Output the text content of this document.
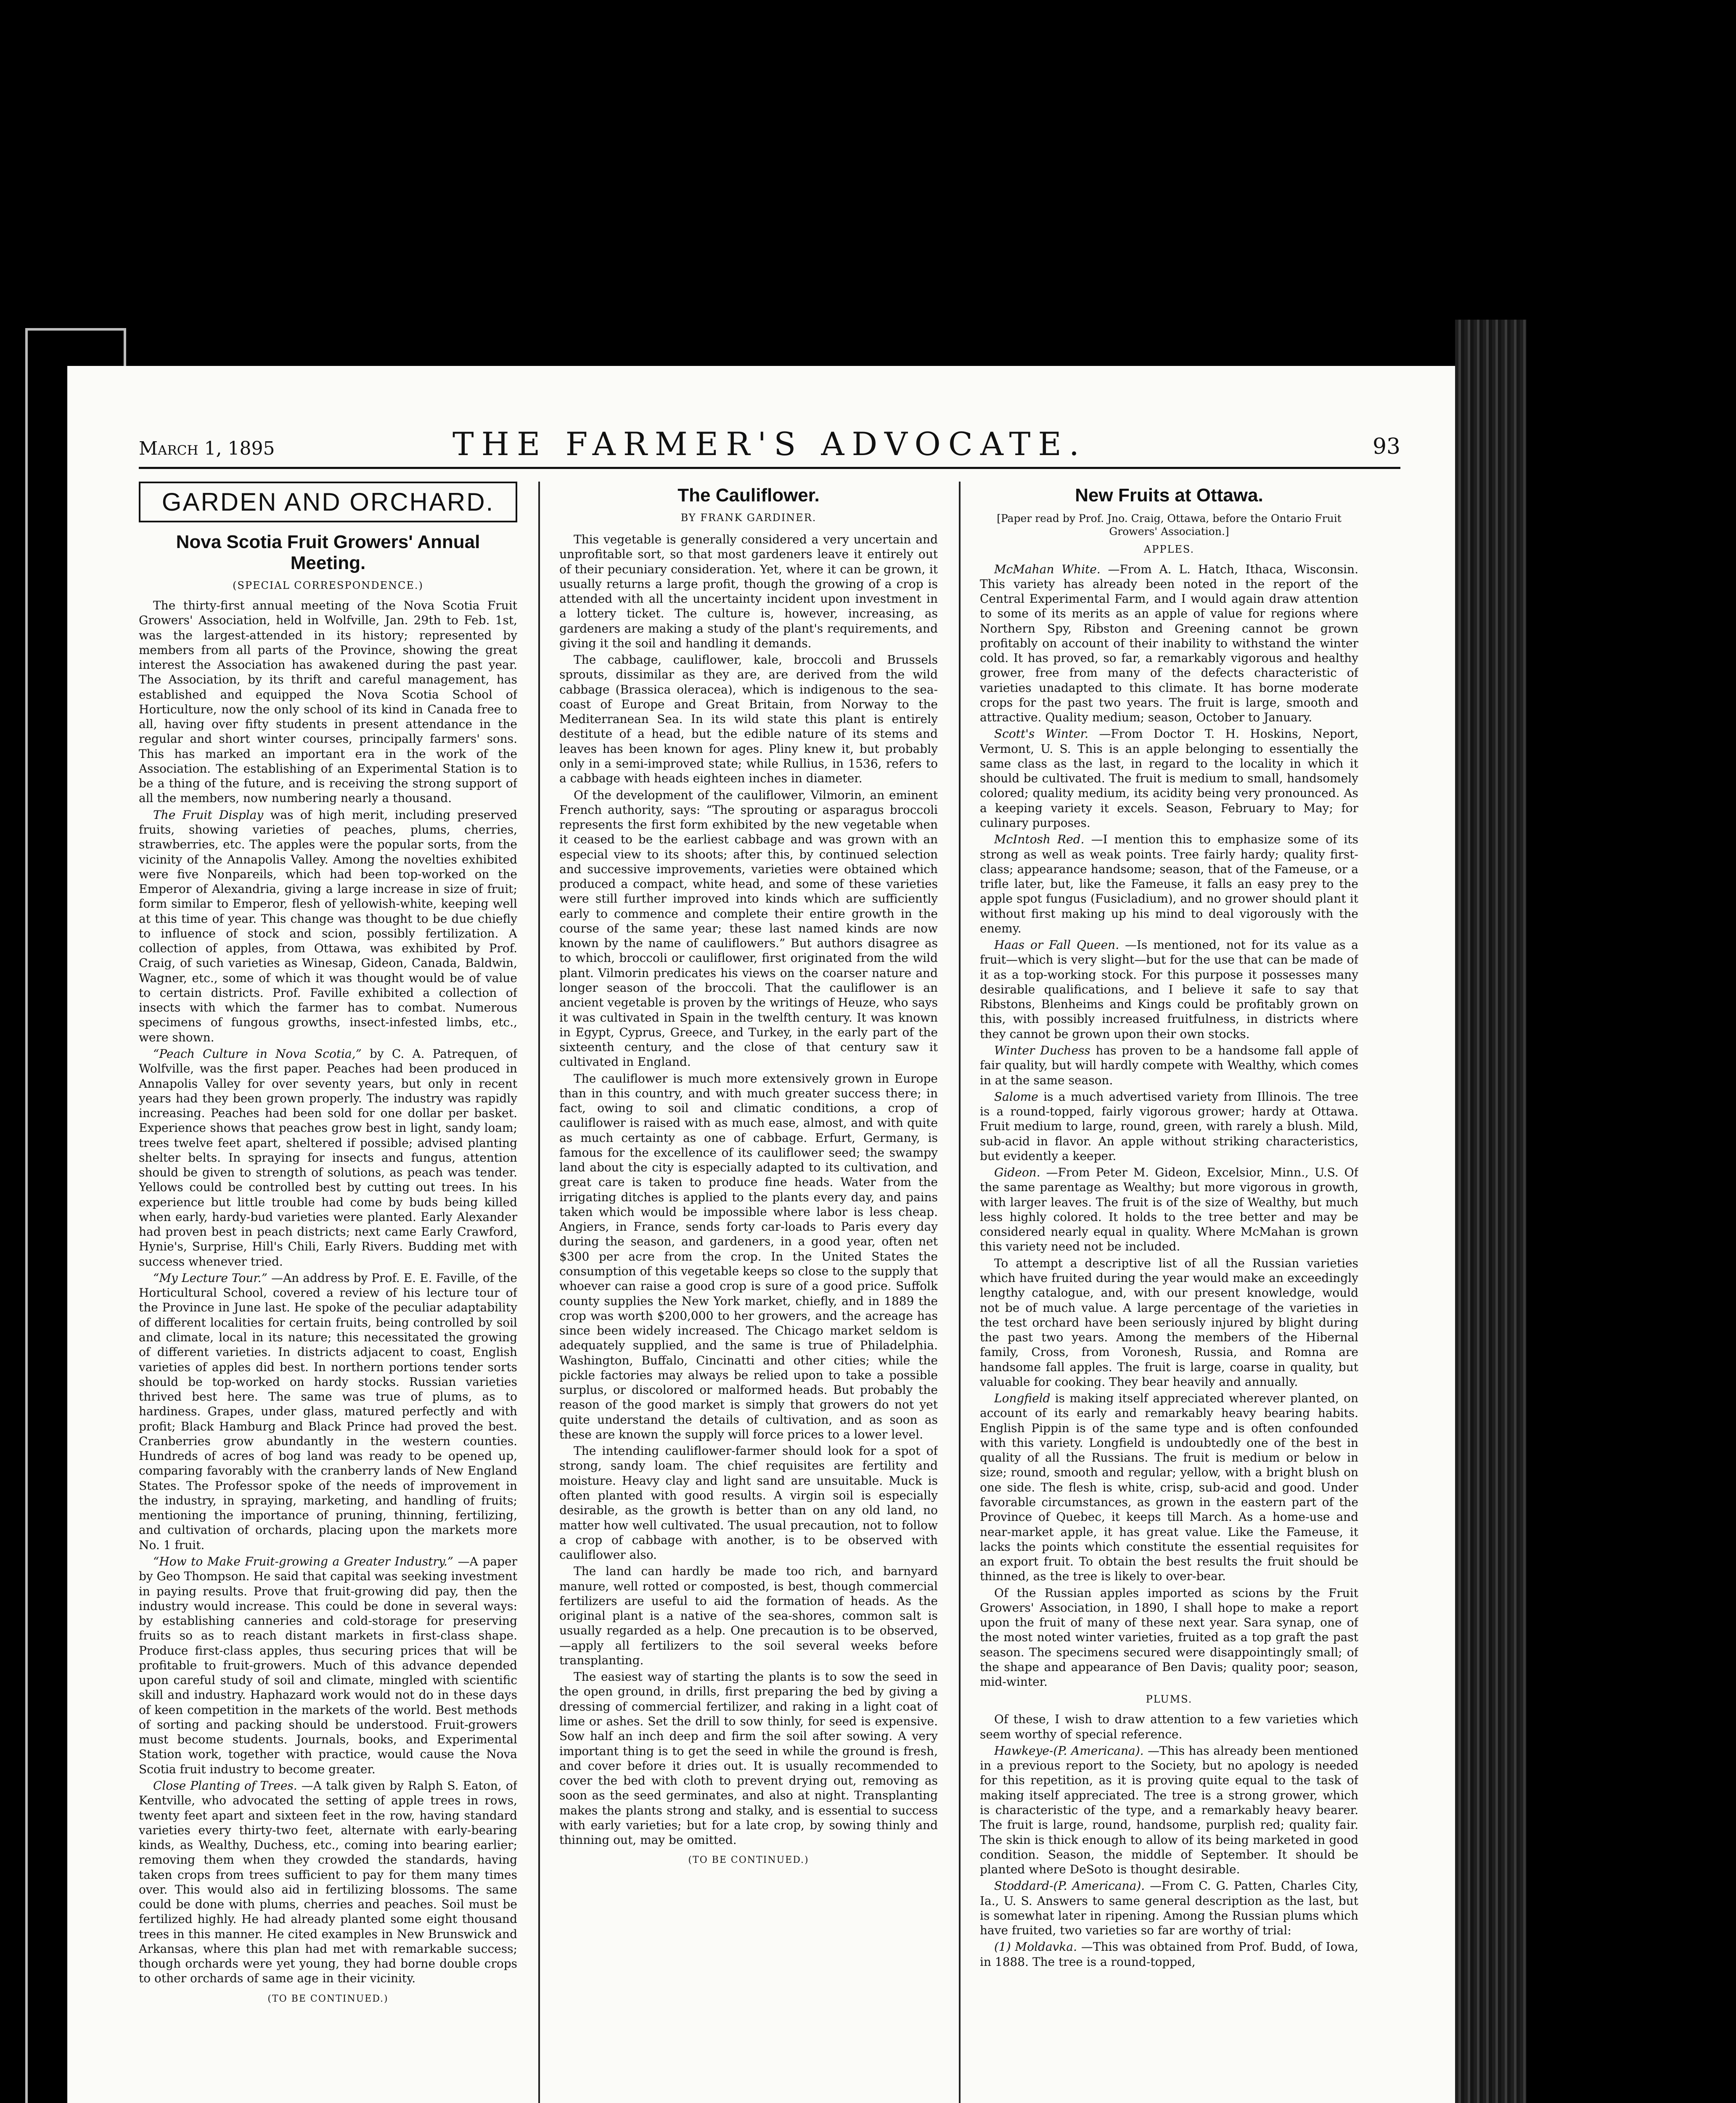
March 1, 1895	THE FARMER'S ADVOCATE.	93
GARDEN AND ORCHARD.
Nova Scotia Fruit Growers' Annual Meeting.
(SPECIAL CORRESPONDENCE.)

The thirty-first annual meeting of the Nova Scotia Fruit Growers' Association, held in Wolfville, Jan. 29th to Feb. 1st, was the largest-attended in its history; represented by members from all parts of the Province, showing the great interest the Association has awakened during the past year. The Association, by its thrift and careful management, has established and equipped the Nova Scotia School of Horticulture, now the only school of its kind in Canada free to all, having over fifty students in present attendance in the regular and short winter courses, principally farmers' sons. This has marked an important era in the work of the Association. The establishing of an Experimental Station is to be a thing of the future, and is receiving the strong support of all the members, now numbering nearly a thousand.

The Fruit Display was of high merit, including preserved fruits, showing varieties of peaches, plums, cherries, strawberries, etc. The apples were the popular sorts, from the vicinity of the Annapolis Valley. Among the novelties exhibited were five Nonpareils, which had been top-worked on the Emperor of Alexandria, giving a large increase in size of fruit; form similar to Emperor, flesh of yellowish-white, keeping well at this time of year. This change was thought to be due chiefly to influence of stock and scion, possibly fertilization. A collection of apples, from Ottawa, was exhibited by Prof. Craig, of such varieties as Winesap, Gideon, Canada, Baldwin, Wagner, etc., some of which it was thought would be of value to certain districts. Prof. Faville exhibited a collection of insects with which the farmer has to combat. Numerous specimens of fungous growths, insect-infested limbs, etc., were shown.

“Peach Culture in Nova Scotia,” by C. A. Patrequen, of Wolfville, was the first paper. Peaches had been produced in Annapolis Valley for over seventy years, but only in recent years had they been grown properly. The industry was rapidly increasing. Peaches had been sold for one dollar per basket. Experience shows that peaches grow best in light, sandy loam; trees twelve feet apart, sheltered if possible; advised planting shelter belts. In spraying for insects and fungus, attention should be given to strength of solutions, as peach was tender. Yellows could be controlled best by cutting out trees. In his experience but little trouble had come by buds being killed when early, hardy-bud varieties were planted. Early Alexander had proven best in peach districts; next came Early Crawford, Hynie's, Surprise, Hill's Chili, Early Rivers. Budding met with success whenever tried.

“My Lecture Tour.” —An address by Prof. E. E. Faville, of the Horticultural School, covered a review of his lecture tour of the Province in June last. He spoke of the peculiar adaptability of different localities for certain fruits, being controlled by soil and climate, local in its nature; this necessitated the growing of different varieties. In districts adjacent to coast, English varieties of apples did best. In northern portions tender sorts should be top-worked on hardy stocks. Russian varieties thrived best here. The same was true of plums, as to hardiness. Grapes, under glass, matured perfectly and with profit; Black Hamburg and Black Prince had proved the best. Cranberries grow abundantly in the western counties. Hundreds of acres of bog land was ready to be opened up, comparing favorably with the cranberry lands of New England States. The Professor spoke of the needs of improvement in the industry, in spraying, marketing, and handling of fruits; mentioning the importance of pruning, thinning, fertilizing, and cultivation of orchards, placing upon the markets more No. 1 fruit.

“How to Make Fruit-growing a Greater Industry.” —A paper by Geo Thompson. He said that capital was seeking investment in paying results. Prove that fruit-growing did pay, then the industry would increase. This could be done in several ways: by establishing canneries and cold-storage for preserving fruits so as to reach distant markets in first-class shape. Produce first-class apples, thus securing prices that will be profitable to fruit-growers. Much of this advance depended upon careful study of soil and climate, mingled with scientific skill and industry. Haphazard work would not do in these days of keen competition in the markets of the world. Best methods of sorting and packing should be understood. Fruit-growers must become students. Journals, books, and Experimental Station work, together with practice, would cause the Nova Scotia fruit industry to become greater.

Close Planting of Trees. —A talk given by Ralph S. Eaton, of Kentville, who advocated the setting of apple trees in rows, twenty feet apart and sixteen feet in the row, having standard varieties every thirty-two feet, alternate with early-bearing kinds, as Wealthy, Duchess, etc., coming into bearing earlier; removing them when they crowded the standards, having taken crops from trees sufficient to pay for them many times over. This would also aid in fertilizing blossoms. The same could be done with plums, cherries and peaches. Soil must be fertilized highly. He had already planted some eight thousand trees in this manner. He cited examples in New Brunswick and Arkansas, where this plan had met with remarkable success; though orchards were yet young, they had borne double crops to other orchards of same age in their vicinity.

(TO BE CONTINUED.)
The Cauliflower.
BY FRANK GARDINER.

This vegetable is generally considered a very uncertain and unprofitable sort, so that most gardeners leave it entirely out of their pecuniary consideration. Yet, where it can be grown, it usually returns a large profit, though the growing of a crop is attended with all the uncertainty incident upon investment in a lottery ticket. The culture is, however, increasing, as gardeners are making a study of the plant's requirements, and giving it the soil and handling it demands.

The cabbage, cauliflower, kale, broccoli and Brussels sprouts, dissimilar as they are, are derived from the wild cabbage (Brassica oleracea), which is indigenous to the sea-coast of Europe and Great Britain, from Norway to the Mediterranean Sea. In its wild state this plant is entirely destitute of a head, but the edible nature of its stems and leaves has been known for ages. Pliny knew it, but probably only in a semi-improved state; while Rullius, in 1536, refers to a cabbage with heads eighteen inches in diameter.

Of the development of the cauliflower, Vilmorin, an eminent French authority, says: “The sprouting or asparagus broccoli represents the first form exhibited by the new vegetable when it ceased to be the earliest cabbage and was grown with an especial view to its shoots; after this, by continued selection and successive improvements, varieties were obtained which produced a compact, white head, and some of these varieties were still further improved into kinds which are sufficiently early to commence and complete their entire growth in the course of the same year; these last named kinds are now known by the name of cauliflowers.” But authors disagree as to which, broccoli or cauliflower, first originated from the wild plant. Vilmorin predicates his views on the coarser nature and longer season of the broccoli. That the cauliflower is an ancient vegetable is proven by the writings of Heuze, who says it was cultivated in Spain in the twelfth century. It was known in Egypt, Cyprus, Greece, and Turkey, in the early part of the sixteenth century, and the close of that century saw it cultivated in England.

The cauliflower is much more extensively grown in Europe than in this country, and with much greater success there; in fact, owing to soil and climatic conditions, a crop of cauliflower is raised with as much ease, almost, and with quite as much certainty as one of cabbage. Erfurt, Germany, is famous for the excellence of its cauliflower seed; the swampy land about the city is especially adapted to its cultivation, and great care is taken to produce fine heads. Water from the irrigating ditches is applied to the plants every day, and pains taken which would be impossible where labor is less cheap. Angiers, in France, sends forty car-loads to Paris every day during the season, and gardeners, in a good year, often net $300 per acre from the crop. In the United States the consumption of this vegetable keeps so close to the supply that whoever can raise a good crop is sure of a good price. Suffolk county supplies the New York market, chiefly, and in 1889 the crop was worth $200,000 to her growers, and the acreage has since been widely increased. The Chicago market seldom is adequately supplied, and the same is true of Philadelphia. Washington, Buffalo, Cincinatti and other cities; while the pickle factories may always be relied upon to take a possible surplus, or discolored or malformed heads. But probably the reason of the good market is simply that growers do not yet quite understand the details of cultivation, and as soon as these are known the supply will force prices to a lower level.

The intending cauliflower-farmer should look for a spot of strong, sandy loam. The chief requisites are fertility and moisture. Heavy clay and light sand are unsuitable. Muck is often planted with good results. A virgin soil is especially desirable, as the growth is better than on any old land, no matter how well cultivated. The usual precaution, not to follow a crop of cabbage with another, is to be observed with cauliflower also.

The land can hardly be made too rich, and barnyard manure, well rotted or composted, is best, though commercial fertilizers are useful to aid the formation of heads. As the original plant is a native of the sea-shores, common salt is usually regarded as a help. One precaution is to be observed,—apply all fertilizers to the soil several weeks before transplanting.

The easiest way of starting the plants is to sow the seed in the open ground, in drills, first preparing the bed by giving a dressing of commercial fertilizer, and raking in a light coat of lime or ashes. Set the drill to sow thinly, for seed is expensive. Sow half an inch deep and firm the soil after sowing. A very important thing is to get the seed in while the ground is fresh, and cover before it dries out. It is usually recommended to cover the bed with cloth to prevent drying out, removing as soon as the seed germinates, and also at night. Transplanting makes the plants strong and stalky, and is essential to success with early varieties; but for a late crop, by sowing thinly and thinning out, may be omitted.

(TO BE CONTINUED.)
New Fruits at Ottawa.
[Paper read by Prof. Jno. Craig, Ottawa, before the Ontario Fruit Growers' Association.]
APPLES.

McMahan White. —From A. L. Hatch, Ithaca, Wisconsin. This variety has already been noted in the report of the Central Experimental Farm, and I would again draw attention to some of its merits as an apple of value for regions where Northern Spy, Ribston and Greening cannot be grown profitably on account of their inability to withstand the winter cold. It has proved, so far, a remarkably vigorous and healthy grower, free from many of the defects characteristic of varieties unadapted to this climate. It has borne moderate crops for the past two years. The fruit is large, smooth and attractive. Quality medium; season, October to January.

Scott's Winter. —From Doctor T. H. Hoskins, Neport, Vermont, U. S. This is an apple belonging to essentially the same class as the last, in regard to the locality in which it should be cultivated. The fruit is medium to small, handsomely colored; quality medium, its acidity being very pronounced. As a keeping variety it excels. Season, February to May; for culinary purposes.

McIntosh Red. —I mention this to emphasize some of its strong as well as weak points. Tree fairly hardy; quality first-class; appearance handsome; season, that of the Fameuse, or a trifle later, but, like the Fameuse, it falls an easy prey to the apple spot fungus (Fusicladium), and no grower should plant it without first making up his mind to deal vigorously with the enemy.

Haas or Fall Queen. —Is mentioned, not for its value as a fruit—which is very slight—but for the use that can be made of it as a top-working stock. For this purpose it possesses many desirable qualifications, and I believe it safe to say that Ribstons, Blenheims and Kings could be profitably grown on this, with possibly increased fruitfulness, in districts where they cannot be grown upon their own stocks.

Winter Duchess has proven to be a handsome fall apple of fair quality, but will hardly compete with Wealthy, which comes in at the same season.

Salome is a much advertised variety from Illinois. The tree is a round-topped, fairly vigorous grower; hardy at Ottawa. Fruit medium to large, round, green, with rarely a blush. Mild, sub-acid in flavor. An apple without striking characteristics, but evidently a keeper.

Gideon. —From Peter M. Gideon, Excelsior, Minn., U.S. Of the same parentage as Wealthy; but more vigorous in growth, with larger leaves. The fruit is of the size of Wealthy, but much less highly colored. It holds to the tree better and may be considered nearly equal in quality. Where McMahan is grown this variety need not be included.

To attempt a descriptive list of all the Russian varieties which have fruited during the year would make an exceedingly lengthy catalogue, and, with our present knowledge, would not be of much value. A large percentage of the varieties in the test orchard have been seriously injured by blight during the past two years. Among the members of the Hibernal family, Cross, from Voronesh, Russia, and Romna are handsome fall apples. The fruit is large, coarse in quality, but valuable for cooking. They bear heavily and annually.

Longfield is making itself appreciated wherever planted, on account of its early and remarkably heavy bearing habits. English Pippin is of the same type and is often confounded with this variety. Longfield is undoubtedly one of the best in quality of all the Russians. The fruit is medium or below in size; round, smooth and regular; yellow, with a bright blush on one side. The flesh is white, crisp, sub-acid and good. Under favorable circumstances, as grown in the eastern part of the Province of Quebec, it keeps till March. As a home-use and near-market apple, it has great value. Like the Fameuse, it lacks the points which constitute the essential requisites for an export fruit. To obtain the best results the fruit should be thinned, as the tree is likely to over-bear.

Of the Russian apples imported as scions by the Fruit Growers' Association, in 1890, I shall hope to make a report upon the fruit of many of these next year. Sara synap, one of the most noted winter varieties, fruited as a top graft the past season. The specimens secured were disappointingly small; of the shape and appearance of Ben Davis; quality poor; season, mid-winter.

PLUMS.

Of these, I wish to draw attention to a few varieties which seem worthy of special reference.

Hawkeye-(P. Americana). —This has already been mentioned in a previous report to the Society, but no apology is needed for this repetition, as it is proving quite equal to the task of making itself appreciated. The tree is a strong grower, which is characteristic of the type, and a remarkably heavy bearer. The fruit is large, round, handsome, purplish red; quality fair. The skin is thick enough to allow of its being marketed in good condition. Season, the middle of September. It should be planted where DeSoto is thought desirable.

Stoddard-(P. Americana). —From C. G. Patten, Charles City, Ia., U. S. Answers to same general description as the last, but is somewhat later in ripening. Among the Russian plums which have fruited, two varieties so far are worthy of trial:

(1) Moldavka. —This was obtained from Prof. Budd, of Iowa, in 1888. The tree is a round-topped,
